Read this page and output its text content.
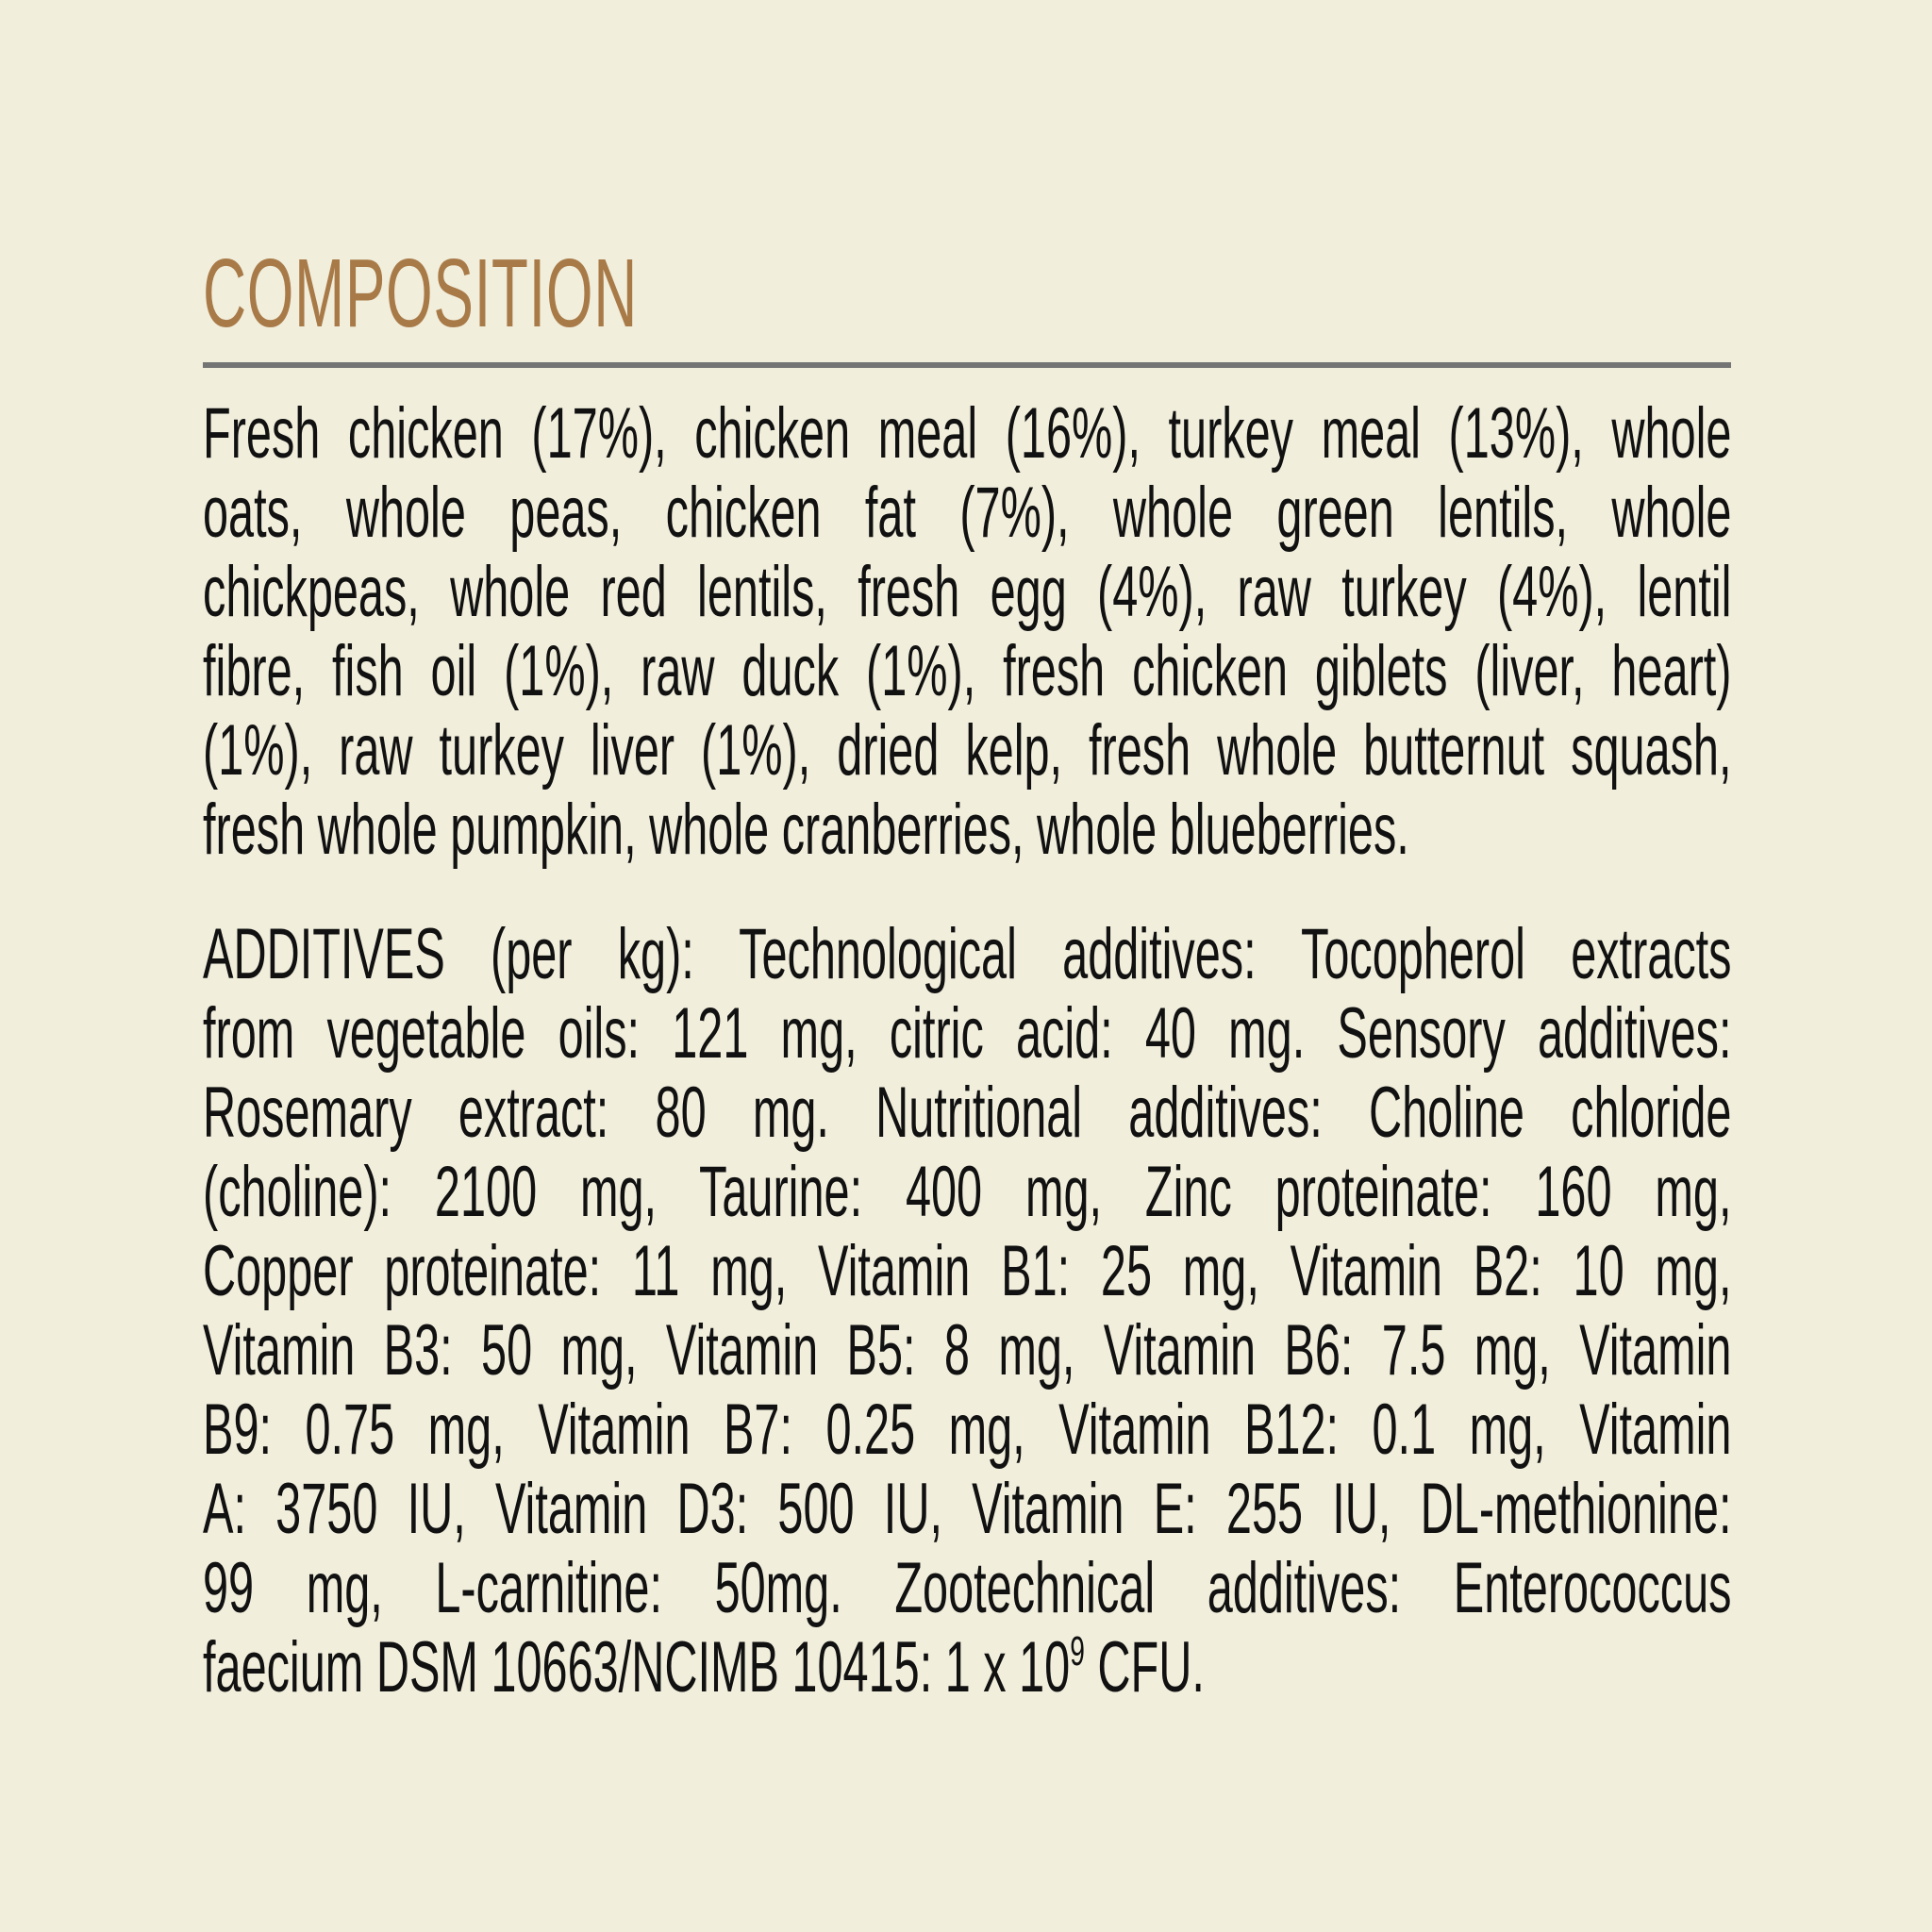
COMPOSITION
Fresh chicken (17%), chicken meal (16%), turkey meal (13%), whole
oats, whole peas, chicken fat (7%), whole green lentils, whole
chickpeas, whole red lentils, fresh egg (4%), raw turkey (4%), lentil
fibre, fish oil (1%), raw duck (1%), fresh chicken giblets (liver, heart)
(1%), raw turkey liver (1%), dried kelp, fresh whole butternut squash,
fresh whole pumpkin, whole cranberries, whole blueberries.
ADDITIVES (per kg): Technological additives: Tocopherol extracts
from vegetable oils: 121 mg, citric acid: 40 mg. Sensory additives:
Rosemary extract: 80 mg. Nutritional additives: Choline chloride
(choline): 2100 mg, Taurine: 400 mg, Zinc proteinate: 160 mg,
Copper proteinate: 11 mg, Vitamin B1: 25 mg, Vitamin B2: 10 mg,
Vitamin B3: 50 mg, Vitamin B5: 8 mg, Vitamin B6: 7.5 mg, Vitamin
B9: 0.75 mg, Vitamin B7: 0.25 mg, Vitamin B12: 0.1 mg, Vitamin
A: 3750 IU, Vitamin D3: 500 IU, Vitamin E: 255 IU, DL-methionine:
99 mg, L-carnitine: 50mg. Zootechnical additives: Enterococcus
faecium DSM 10663/NCIMB 10415: 1 x $10^9$ CFU.
